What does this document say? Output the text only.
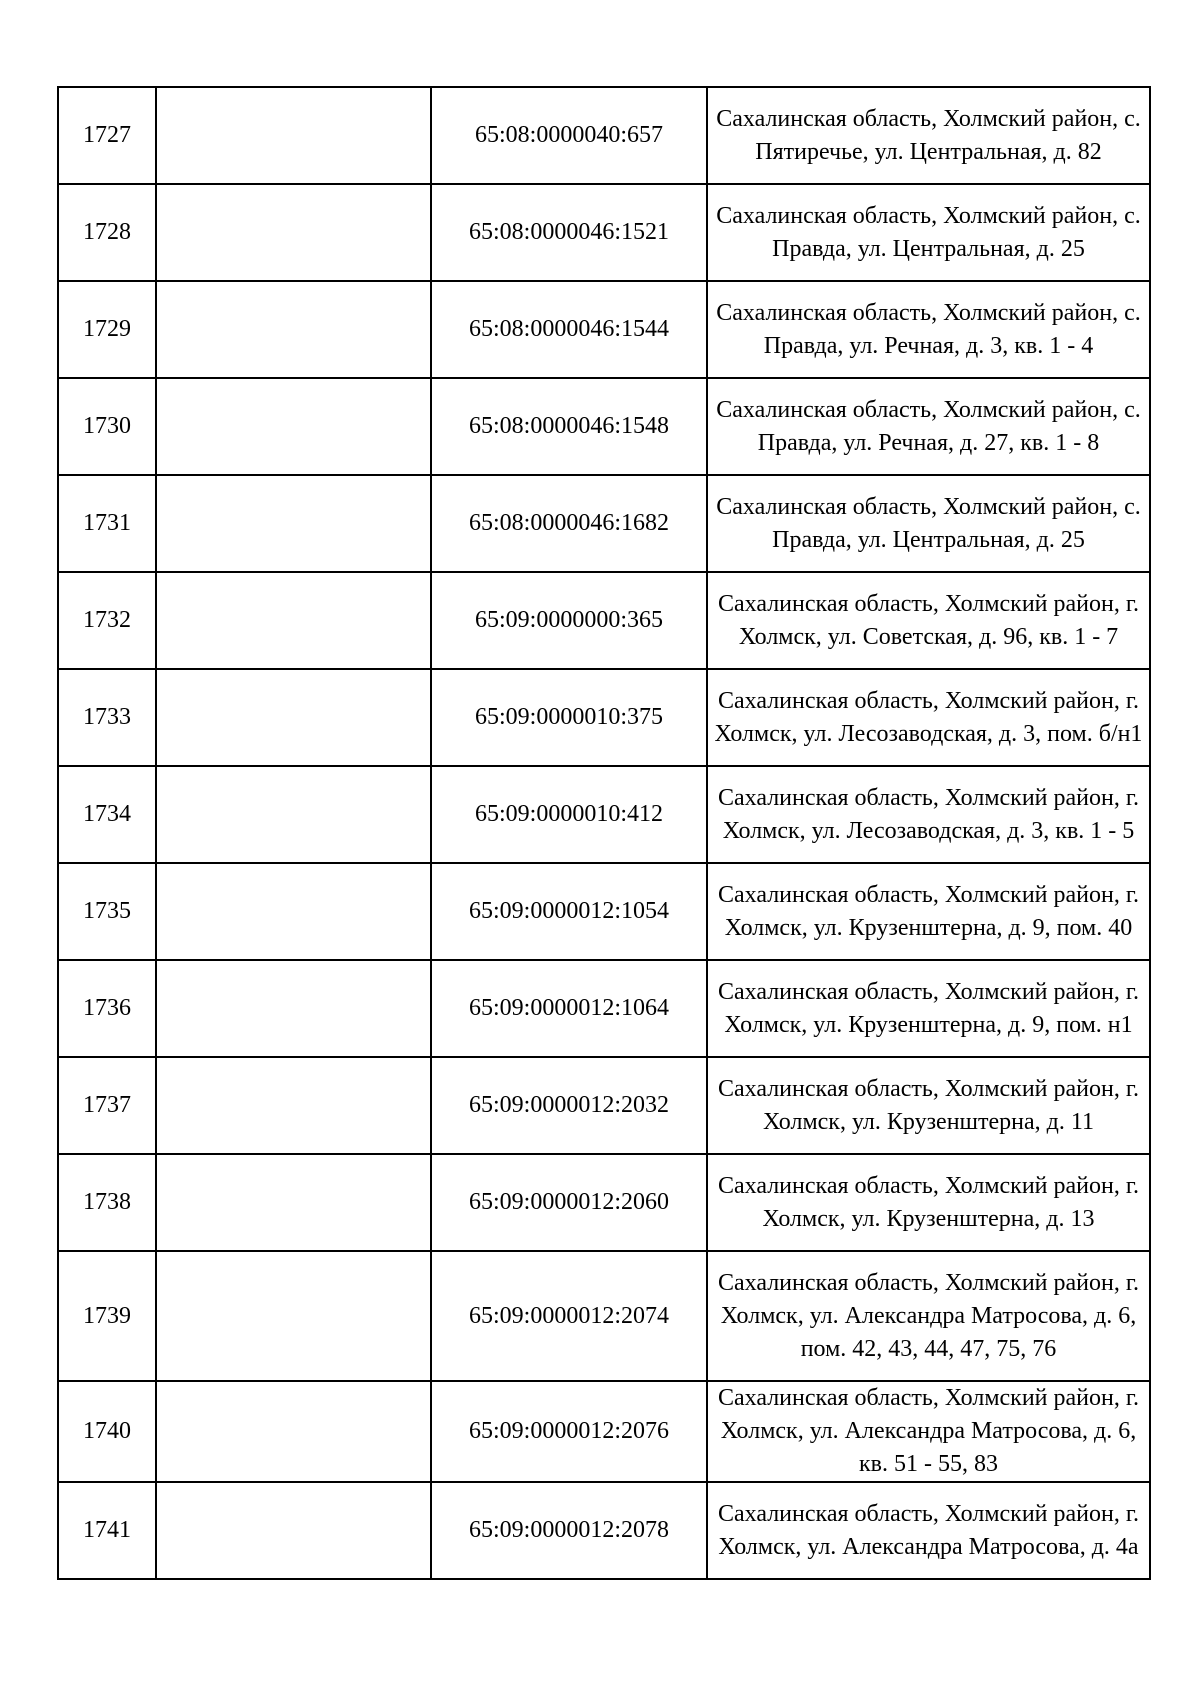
1727		65:08:0000040:657	Сахалинская область, Холмский район, с. Пятиречье, ул. Центральная, д. 82
1728		65:08:0000046:1521	Сахалинская область, Холмский район, с. Правда, ул. Центральная, д. 25
1729		65:08:0000046:1544	Сахалинская область, Холмский район, с. Правда, ул. Речная, д. 3, кв. 1 - 4
1730		65:08:0000046:1548	Сахалинская область, Холмский район, с. Правда, ул. Речная, д. 27, кв. 1 - 8
1731		65:08:0000046:1682	Сахалинская область, Холмский район, с. Правда, ул. Центральная, д. 25
1732		65:09:0000000:365	Сахалинская область, Холмский район, г. Холмск, ул. Советская, д. 96, кв. 1 - 7
1733		65:09:0000010:375	Сахалинская область, Холмский район, г. Холмск, ул. Лесозаводская, д. 3, пом. б/н1
1734		65:09:0000010:412	Сахалинская область, Холмский район, г. Холмск, ул. Лесозаводская, д. 3, кв. 1 - 5
1735		65:09:0000012:1054	Сахалинская область, Холмский район, г. Холмск, ул. Крузенштерна, д. 9, пом. 40
1736		65:09:0000012:1064	Сахалинская область, Холмский район, г. Холмск, ул. Крузенштерна, д. 9, пом. н1
1737		65:09:0000012:2032	Сахалинская область, Холмский район, г. Холмск, ул. Крузенштерна, д. 11
1738		65:09:0000012:2060	Сахалинская область, Холмский район, г. Холмск, ул. Крузенштерна, д. 13
1739		65:09:0000012:2074	Сахалинская область, Холмский район, г. Холмск, ул. Александра Матросова, д. 6, пом. 42, 43, 44, 47, 75, 76
1740		65:09:0000012:2076	Сахалинская область, Холмский район, г. Холмск, ул. Александра Матросова, д. 6, кв. 51 - 55, 83
1741		65:09:0000012:2078	Сахалинская область, Холмский район, г. Холмск, ул. Александра Матросова, д. 4а
